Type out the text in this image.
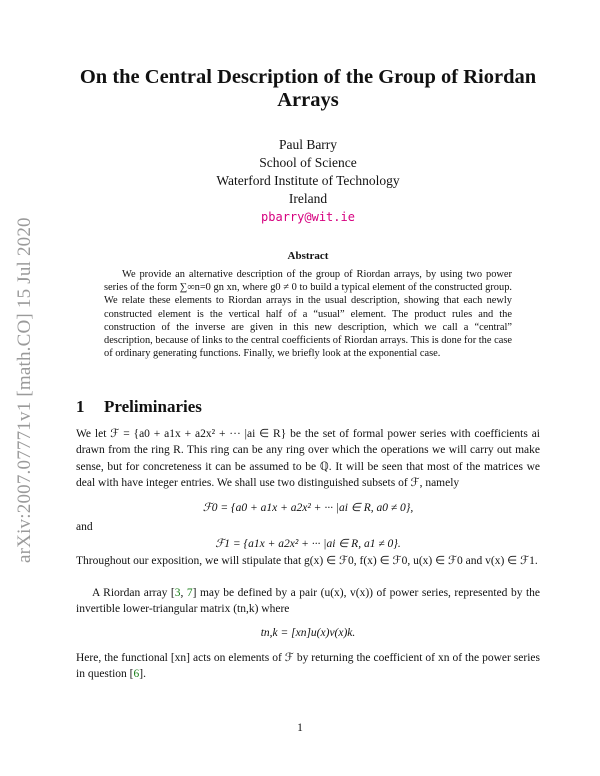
arXiv:2007.07771v1 [math.CO] 15 Jul 2020
On the Central Description of the Group of Riordan Arrays
Paul Barry
School of Science
Waterford Institute of Technology
Ireland
pbarry@wit.ie
Abstract
We provide an alternative description of the group of Riordan arrays, by using two power series of the form ∑∞n=0 gn xn, where g0 ≠ 0 to build a typical element of the constructed group. We relate these elements to Riordan arrays in the usual description, showing that each newly constructed element is the vertical half of a “usual” element. The product rules and the construction of the inverse are given in this new description, which we call a “central” description, because of links to the central coefficients of Riordan arrays. This is done for the case of ordinary generating functions. Finally, we briefly look at the exponential case.
1 Preliminaries
We let ℱ = {a0 + a1x + a2x² + ··· |ai ∈ R} be the set of formal power series with coefficients ai drawn from the ring R. This ring can be any ring over which the operations we will carry out make sense, but for concreteness it can be assumed to be ℚ. It will be seen that most of the matrices we deal with have integer entries. We shall use two distinguished subsets of ℱ, namely
ℱ0 = {a0 + a1x + a2x² + ··· |ai ∈ R, a0 ≠ 0},
and
ℱ1 = {a1x + a2x² + ··· |ai ∈ R, a1 ≠ 0}.
Throughout our exposition, we will stipulate that g(x) ∈ ℱ0, f(x) ∈ ℱ0, u(x) ∈ ℱ0 and v(x) ∈ ℱ1.
A Riordan array [3, 7] may be defined by a pair (u(x), v(x)) of power series, represented by the invertible lower-triangular matrix (tn,k) where
tn,k = [xn]u(x)v(x)k.
Here, the functional [xn] acts on elements of ℱ by returning the coefficient of xn of the power series in question [6].
1
